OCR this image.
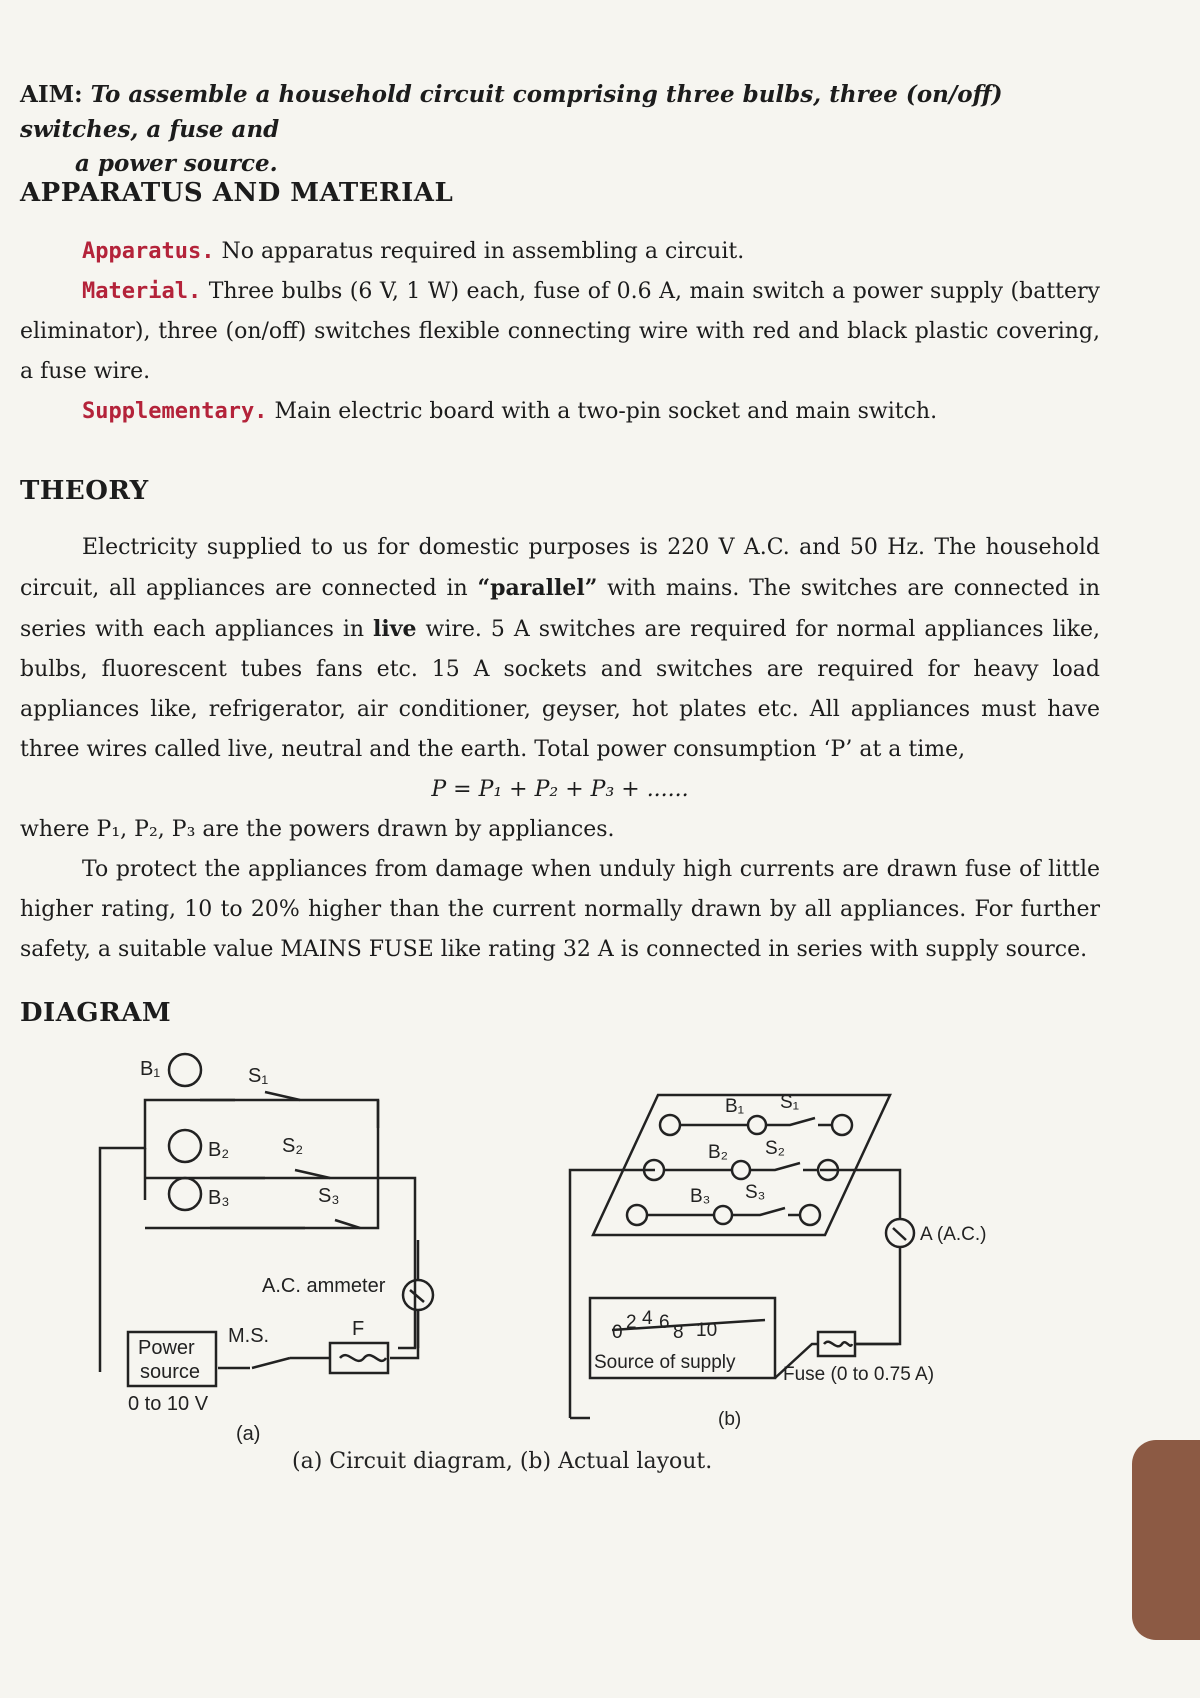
AIM: To assemble a household circuit comprising three bulbs, three (on/off) switches, a fuse and
a power source.
APPARATUS AND MATERIAL
Apparatus. No apparatus required in assembling a circuit.
Material. Three bulbs (6 V, 1 W) each, fuse of 0.6 A, main switch a power supply (battery eliminator), three (on/off) switches flexible connecting wire with red and black plastic covering, a fuse wire.
Supplementary. Main electric board with a two-pin socket and main switch.
THEORY
Electricity supplied to us for domestic purposes is 220 V A.C. and 50 Hz. The household circuit, all appliances are connected in “parallel” with mains. The switches are connected in series with each appliances in live wire. 5 A switches are required for normal appliances like, bulbs, fluorescent tubes fans etc. 15 A sockets and switches are required for heavy load appliances like, refrigerator, air conditioner, geyser, hot plates etc. All appliances must have three wires called live, neutral and the earth. Total power consumption ‘P’ at a time,
P = P₁ + P₂ + P₃ + ......
where P₁, P₂, P₃ are the powers drawn by appliances.
To protect the appliances from damage when unduly high currents are drawn fuse of little higher rating, 10 to 20% higher than the current normally drawn by all appliances. For further safety, a suitable value MAINS FUSE like rating 32 A is connected in series with supply source.
DIAGRAM
B₁	S₁
B₂	S₂
B₃	S₃
A.C. ammeter
M.S.	F
Power
source
0 to 10 V
(a)
B₁ S₁
B₂ S₂
B₃ S₃
A (A.C.)
0 2 4 6 8 10
Source of supply
Fuse (0 to 0.75 A)
(b)
(a) Circuit diagram, (b) Actual layout.
